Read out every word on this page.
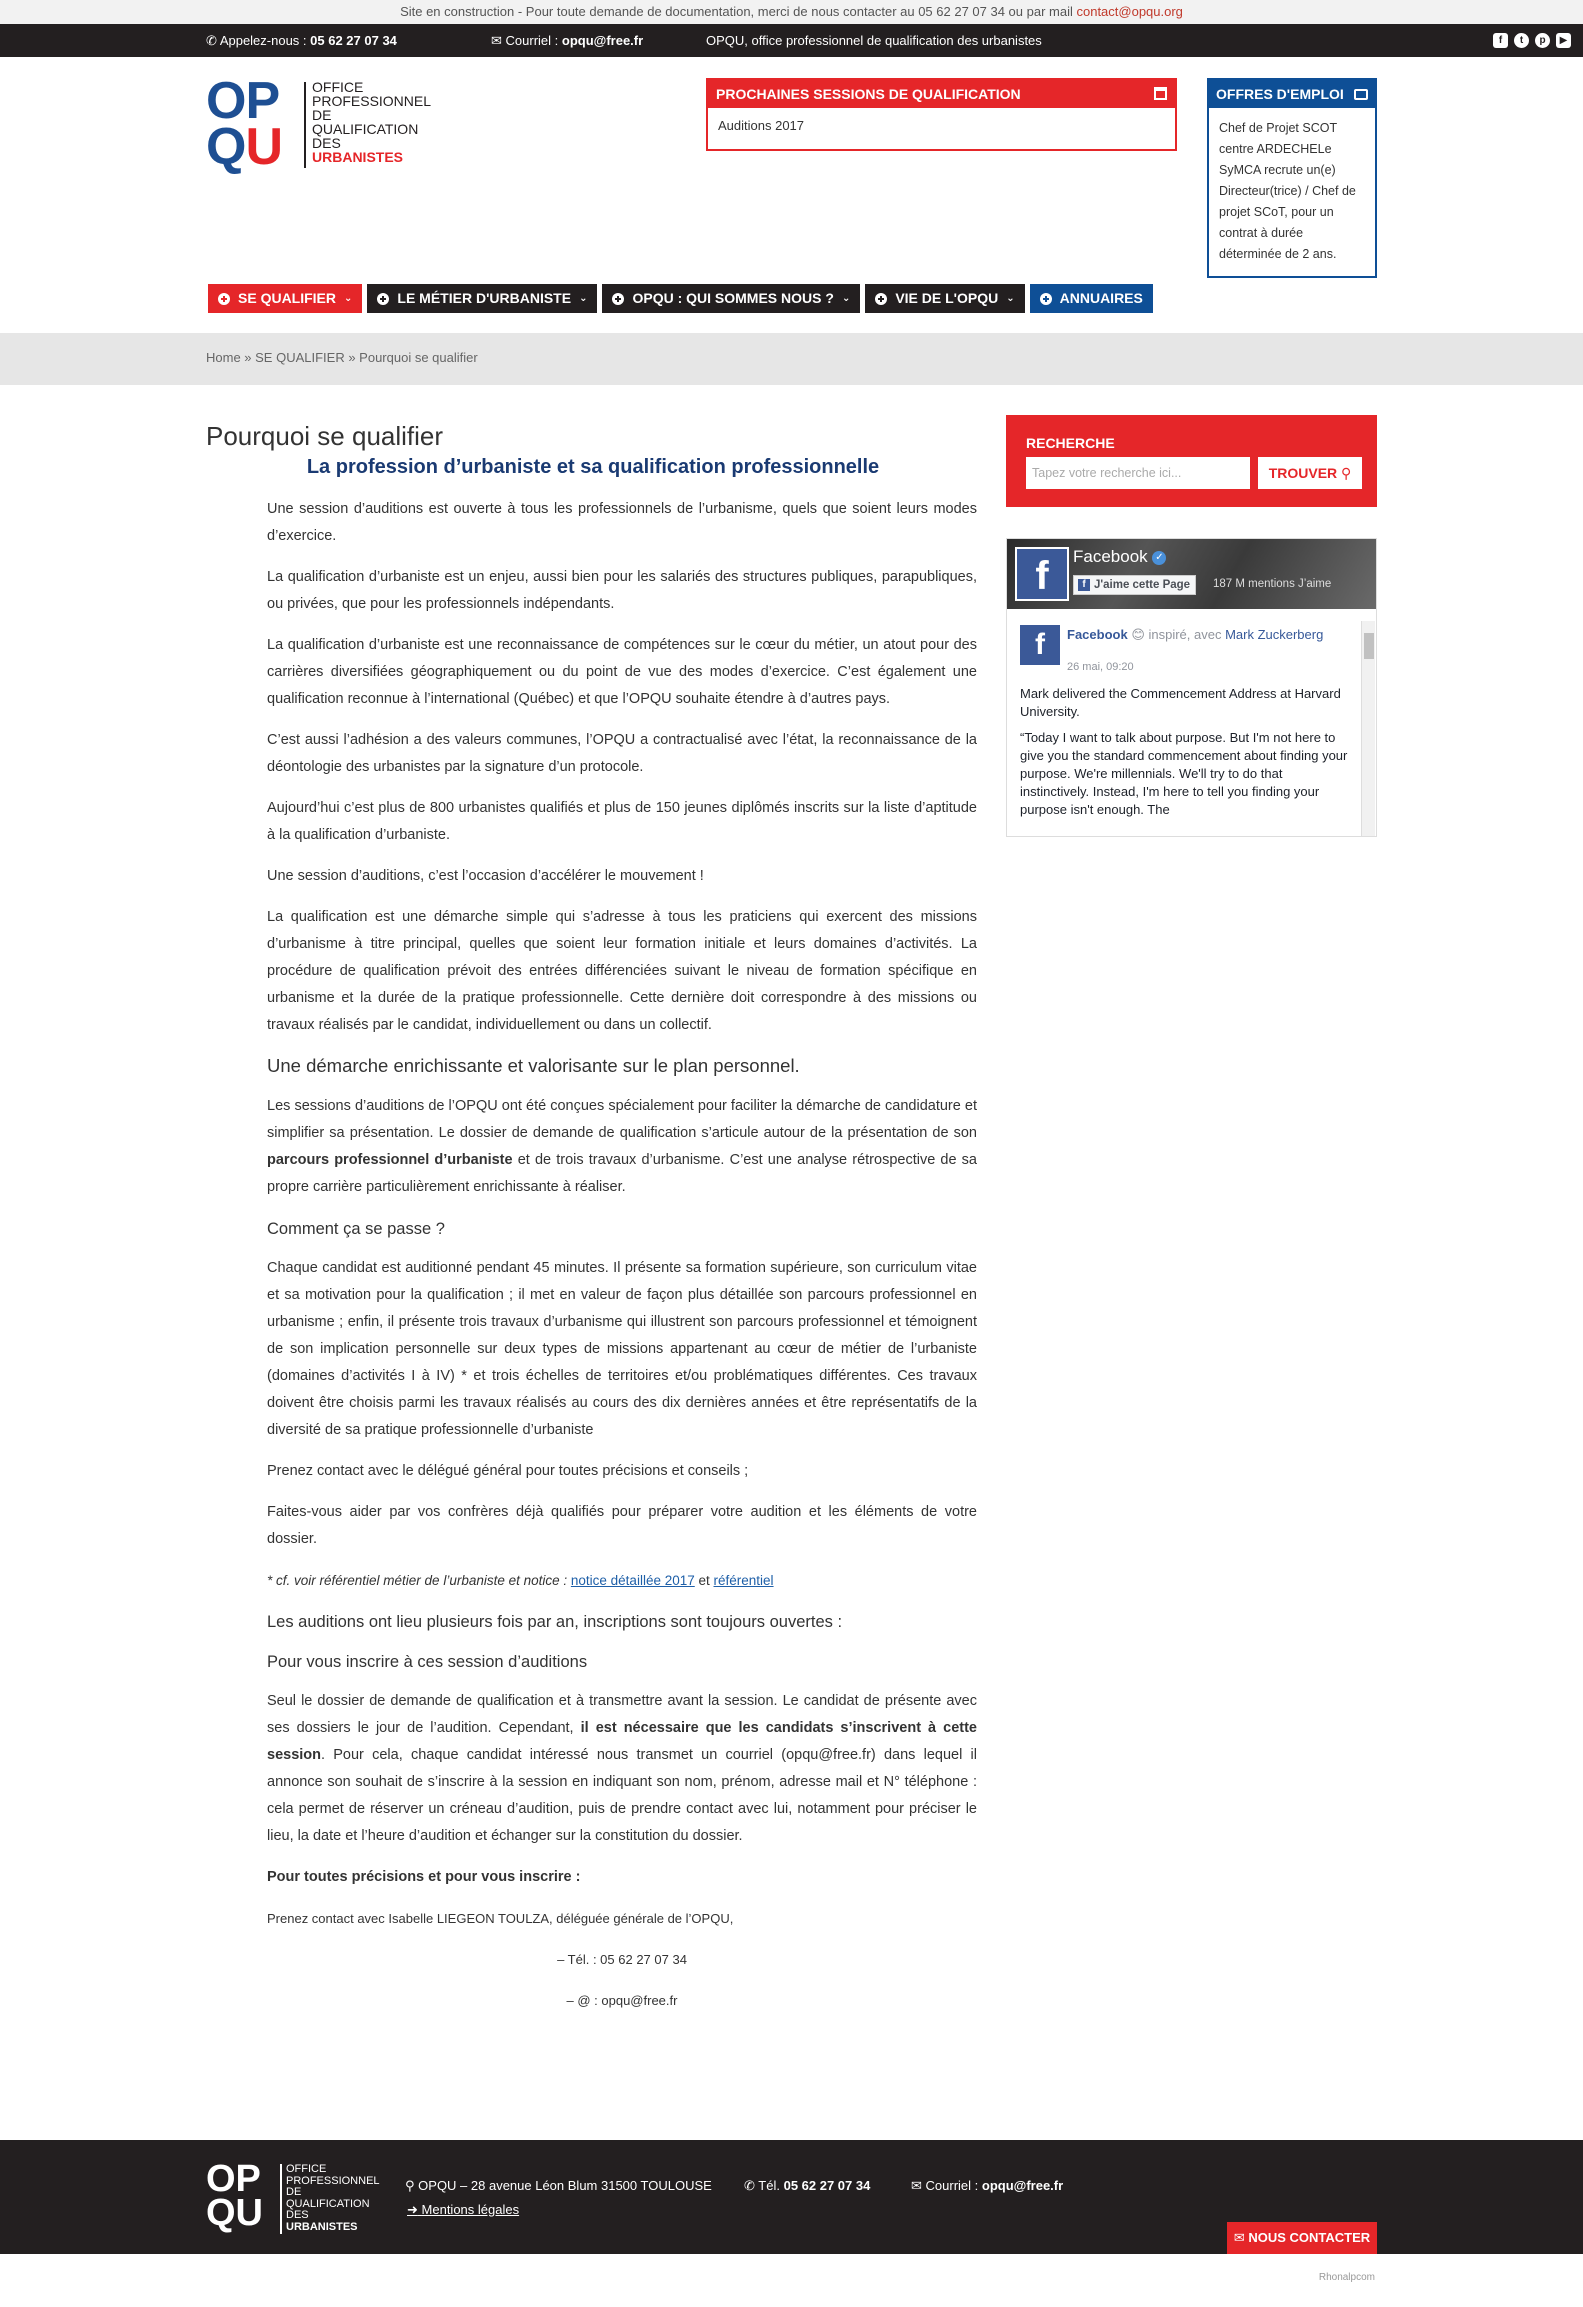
Site en construction - Pour toute demande de documentation, merci de nous contacter au 05 62 27 07 34 ou par mail contact@opqu.org
✆ Appelez-nous : 05 62 27 07 34	✉ Courriel : opqu@free.fr	OPQU, office professionnel de qualification des urbanistes	f	t	p	▶
OP
QU
OFFICE
PROFESSIONNEL
DE
QUALIFICATION
DES
URBANISTES
PROCHAINES SESSIONS DE QUALIFICATION
Auditions 2017
OFFRES D'EMPLOI
Chef de Projet SCOT centre ARDECHELe SyMCA recrute un(e) Directeur(trice) / Chef de projet SCoT, pour un contrat à durée déterminée de 2 ans.
SE QUALIFIER ⌄	LE MÉTIER D'URBANISTE ⌄	OPQU : QUI SOMMES NOUS ? ⌄	VIE DE L'OPQU ⌄	ANNUAIRES
Home » SE QUALIFIER » Pourquoi se qualifier
Pourquoi se qualifier
La profession d’urbaniste et sa qualification professionnelle

Une session d’auditions est ouverte à tous les professionnels de l’urbanisme, quels que soient leurs modes d’exercice.

La qualification d’urbaniste est un enjeu, aussi bien pour les salariés des structures publiques, parapubliques, ou privées, que pour les professionnels indépendants.

La qualification d’urbaniste est une reconnaissance de compétences sur le cœur du métier, un atout pour des carrières diversifiées géographiquement ou du point de vue des modes d’exercice. C’est également une qualification reconnue à l’international (Québec) et que l’OPQU souhaite étendre à d’autres pays.

C’est aussi l’adhésion a des valeurs communes, l’OPQU a contractualisé avec l’état, la reconnaissance de la déontologie des urbanistes par la signature d’un protocole.

Aujourd’hui c’est plus de 800 urbanistes qualifiés et plus de 150 jeunes diplômés inscrits sur la liste d’aptitude à la qualification d’urbaniste.

Une session d’auditions, c’est l’occasion d’accélérer le mouvement !

La qualification est une démarche simple qui s’adresse à tous les praticiens qui exercent des missions d’urbanisme à titre principal, quelles que soient leur formation initiale et leurs domaines d’activités. La procédure de qualification prévoit des entrées différenciées suivant le niveau de formation spécifique en urbanisme et la durée de la pratique professionnelle. Cette dernière doit correspondre à des missions ou travaux réalisés par le candidat, individuellement ou dans un collectif.

Une démarche enrichissante et valorisante sur le plan personnel.

Les sessions d’auditions de l’OPQU ont été conçues spécialement pour faciliter la démarche de candidature et simplifier sa présentation. Le dossier de demande de qualification s’articule autour de la présentation de son parcours professionnel d’urbaniste et de trois travaux d’urbanisme. C’est une analyse rétrospective de sa propre carrière particulièrement enrichissante à réaliser.

Comment ça se passe ?

Chaque candidat est auditionné pendant 45 minutes. Il présente sa formation supérieure, son curriculum vitae et sa motivation pour la qualification ; il met en valeur de façon plus détaillée son parcours professionnel en urbanisme ; enfin, il présente trois travaux d’urbanisme qui illustrent son parcours professionnel et témoignent de son implication personnelle sur deux types de missions appartenant au cœur de métier de l’urbaniste (domaines d’activités I à IV) * et trois échelles de territoires et/ou problématiques différentes. Ces travaux doivent être choisis parmi les travaux réalisés au cours des dix dernières années et être représentatifs de la diversité de sa pratique professionnelle d’urbaniste

Prenez contact avec le délégué général pour toutes précisions et conseils ;

Faites-vous aider par vos confrères déjà qualifiés pour préparer votre audition et les éléments de votre dossier.

* cf. voir référentiel métier de l’urbaniste et notice : notice détaillée 2017 et référentiel

Les auditions ont lieu plusieurs fois par an, inscriptions sont toujours ouvertes :
Pour vous inscrire à ces session d’auditions

Seul le dossier de demande de qualification et à transmettre avant la session. Le candidat de présente avec ses dossiers le jour de l’audition. Cependant, il est nécessaire que les candidats s’inscrivent à cette session. Pour cela, chaque candidat intéressé nous transmet un courriel (opqu@free.fr) dans lequel il annonce son souhait de s’inscrire à la session en indiquant son nom, prénom, adresse mail et N° téléphone : cela permet de réserver un créneau d’audition, puis de prendre contact avec lui, notamment pour préciser le lieu, la date et l’heure d’audition et échanger sur la constitution du dossier.

Pour toutes précisions et pour vous inscrire :

Prenez contact avec Isabelle LIEGEON TOULZA, déléguée générale de l’OPQU,

– Tél. : 05 62 27 07 34

– @ : opqu@free.fr

RECHERCHE
Tapez votre recherche ici...	TROUVER ⚲
f	Facebook ✓
f J'aime cette Page	187 M mentions J’aime
f	Facebook 😊 inspiré, avec Mark Zuckerberg
26 mai, 09:20
Mark delivered the Commencement Address at Harvard University.
“Today I want to talk about purpose. But I'm not here to give you the standard commencement about finding your purpose. We're millennials. We'll try to do that instinctively. Instead, I'm here to tell you finding your purpose isn't enough. The
OP
QU
OFFICE
PROFESSIONNEL
DE
QUALIFICATION
DES
URBANISTES
⚲ OPQU – 28 avenue Léon Blum 31500 TOULOUSE ✆ Tél. 05 62 27 07 34	✉ Courriel : opqu@free.fr
➜ Mentions légales
✉ NOUS CONTACTER
Rhonalpcom
